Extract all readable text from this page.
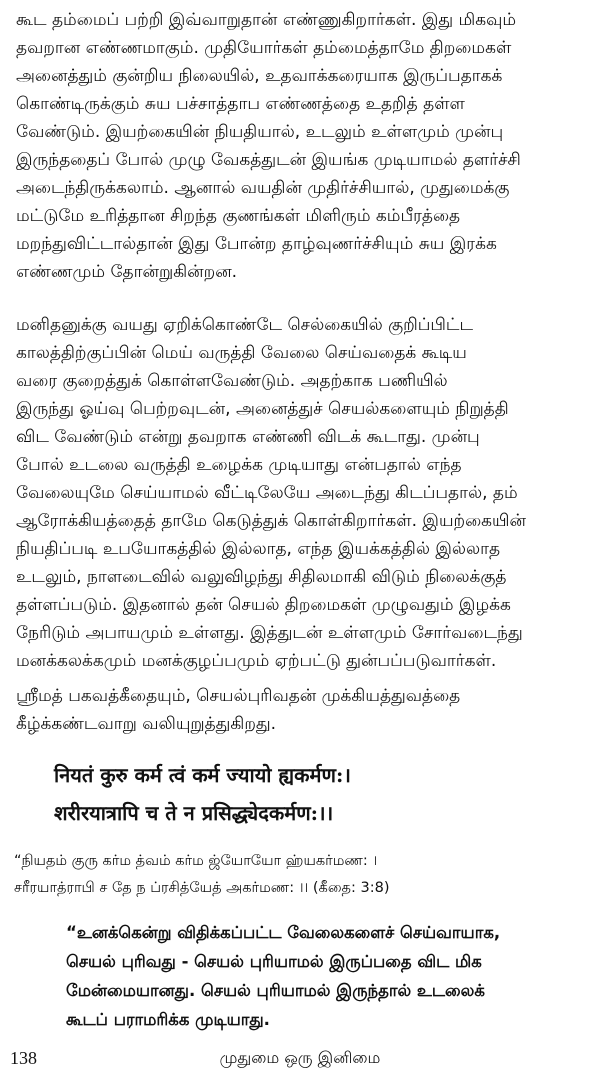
கூட தம்மைப் பற்றி இவ்வாறுதான் எண்ணுகிறார்கள். இது மிகவும்
தவறான எண்ணமாகும். முதியோர்கள் தம்மைத்தாமே திறமைகள்
அனைத்தும் குன்றிய நிலையில், உதவாக்கரையாக இருப்பதாகக்
கொண்டிருக்கும் சுய பச்சாத்தாப எண்ணத்தை உதறித் தள்ள
வேண்டும். இயற்கையின் நியதியால், உடலும் உள்ளமும் முன்பு
இருந்ததைப் போல் முழு வேகத்துடன் இயங்க முடியாமல் தளர்ச்சி
அடைந்திருக்கலாம். ஆனால் வயதின் முதிர்ச்சியால், முதுமைக்கு
மட்டுமே உரித்தான சிறந்த குணங்கள் மிளிரும் கம்பீரத்தை
மறந்துவிட்டால்தான் இது போன்ற தாழ்வுணர்ச்சியும் சுய இரக்க
எண்ணமும் தோன்றுகின்றன.
மனிதனுக்கு வயது ஏறிக்கொண்டே செல்கையில் குறிப்பிட்ட
காலத்திற்குப்பின் மெய் வருத்தி வேலை செய்வதைக் கூடிய
வரை குறைத்துக் கொள்ளவேண்டும். அதற்காக பணியில்
இருந்து ஓய்வு பெற்றவுடன், அனைத்துச் செயல்களையும் நிறுத்தி
விட வேண்டும் என்று தவறாக எண்ணி விடக் கூடாது. முன்பு
போல் உடலை வருத்தி உழைக்க முடியாது என்பதால் எந்த
வேலையுமே செய்யாமல் வீட்டிலேயே அடைந்து கிடப்பதால், தம்
ஆரோக்கியத்தைத் தாமே கெடுத்துக் கொள்கிறார்கள். இயற்கையின்
நியதிப்படி உபயோகத்தில் இல்லாத, எந்த இயக்கத்தில் இல்லாத
உடலும், நாளடைவில் வலுவிழந்து சிதிலமாகி விடும் நிலைக்குத்
தள்ளப்படும். இதனால் தன் செயல் திறமைகள் முழுவதும் இழக்க
நேரிடும் அபாயமும் உள்ளது. இத்துடன் உள்ளமும் சோர்வடைந்து
மனக்கலக்கமும் மனக்குழப்பமும் ஏற்பட்டு துன்பப்படுவார்கள்.
ஸ்ரீமத் பகவத்கீதையும், செயல்புரிவதன் முக்கியத்துவத்தை
கீழ்க்கண்டவாறு வலியுறுத்துகிறது.
नियतं कुरु कर्म त्वं कर्म ज्यायो ह्यकर्मण:।
शरीरयात्रापि च ते न प्रसिद्ध्येदकर्मण:।।
“நியதம் குரு கர்ம த்வம் கர்ம ஜ்யோயோ ஹ்யகர்மண: ।
சரீரயாத்ராபி ச தே ந ப்ரசித்யேத் அகர்மண: ।। (கீதை: 3:8)
“உனக்கென்று விதிக்கப்பட்ட வேலைகளைச் செய்வாயாக,
செயல் புரிவது - செயல் புரியாமல் இருப்பதை விட மிக
மேன்மையானது. செயல் புரியாமல் இருந்தால் உடலைக்
கூடப் பராமரிக்க முடியாது.
138	முதுமை ஒரு இனிமை
